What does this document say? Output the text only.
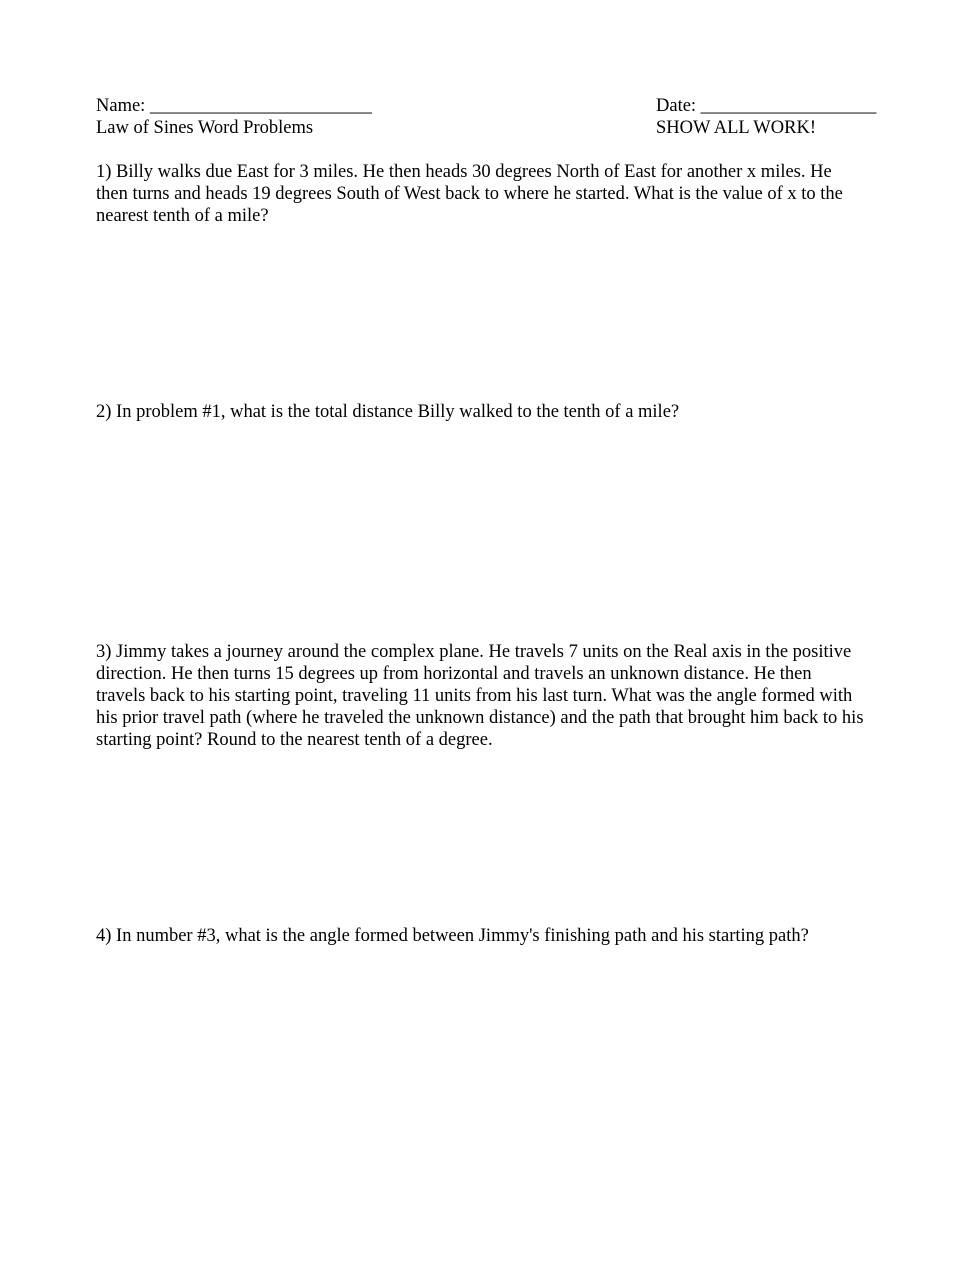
Name: ________________________	Date: ___________________
Law of Sines Word Problems	SHOW ALL WORK!
1) Billy walks due East for 3 miles. He then heads 30 degrees North of East for another x miles. He
then turns and heads 19 degrees South of West back to where he started. What is the value of x to the
nearest tenth of a mile?
2) In problem #1, what is the total distance Billy walked to the tenth of a mile?
3) Jimmy takes a journey around the complex plane. He travels 7 units on the Real axis in the positive
direction. He then turns 15 degrees up from horizontal and travels an unknown distance. He then
travels back to his starting point, traveling 11 units from his last turn. What was the angle formed with
his prior travel path (where he traveled the unknown distance) and the path that brought him back to his
starting point? Round to the nearest tenth of a degree.
4) In number #3, what is the angle formed between Jimmy's finishing path and his starting path?
